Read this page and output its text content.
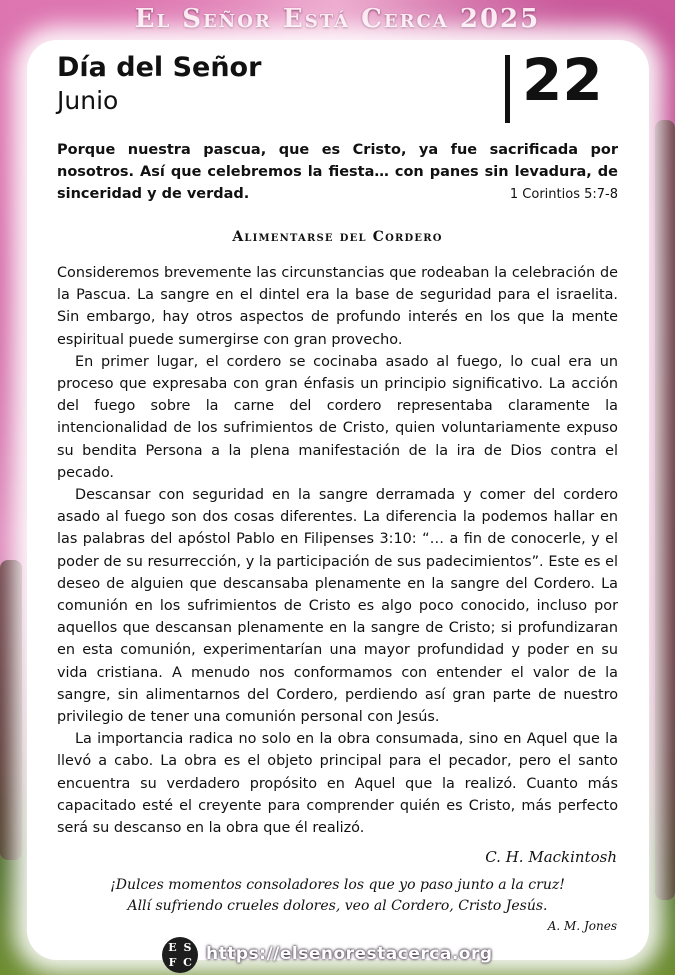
El Señor Está Cerca 2025
Día del Señor
Junio	22
Porque nuestra pascua, que es Cristo, ya fue sacrificada por nosotros. Así que celebremos la fiesta… con panes sin levadura, de sinceridad y de verdad.	1 Corintios 5:7-8
Alimentarse del Cordero

Consideremos brevemente las circunstancias que rodeaban la celebración de la Pascua. La sangre en el dintel era la base de seguridad para el israelita. Sin embargo, hay otros aspectos de profundo interés en los que la mente espiritual puede sumergirse con gran provecho.

En primer lugar, el cordero se cocinaba asado al fuego, lo cual era un proceso que expresaba con gran énfasis un principio significativo. La acción del fuego sobre la carne del cordero representaba claramente la intencionalidad de los sufrimientos de Cristo, quien voluntariamente expuso su bendita Persona a la plena manifestación de la ira de Dios contra el pecado.

Descansar con seguridad en la sangre derramada y comer del cordero asado al fuego son dos cosas diferentes. La diferencia la podemos hallar en las palabras del apóstol Pablo en Filipenses 3:10: “… a fin de conocerle, y el poder de su resurrección, y la participación de sus padecimientos”. Este es el deseo de alguien que descansaba plenamente en la sangre del Cordero. La comunión en los sufrimientos de Cristo es algo poco conocido, incluso por aquellos que descansan plenamente en la sangre de Cristo; si profundizaran en esta comunión, experimentarían una mayor profundidad y poder en su vida cristiana. A menudo nos conformamos con entender el valor de la sangre, sin alimentarnos del Cordero, perdiendo así gran parte de nuestro privilegio de tener una comunión personal con Jesús.

La importancia radica no solo en la obra consumada, sino en Aquel que la llevó a cabo. La obra es el objeto principal para el pecador, pero el santo encuentra su verdadero propósito en Aquel que la realizó. Cuanto más capacitado esté el creyente para comprender quién es Cristo, más perfecto será su descanso en la obra que él realizó.

C. H. Mackintosh
¡Dulces momentos consoladores los que yo paso junto a la cruz!
Allí sufriendo crueles dolores, veo al Cordero, Cristo Jesús.
A. M. Jones
E S
F C https://elsenorestacerca.org
